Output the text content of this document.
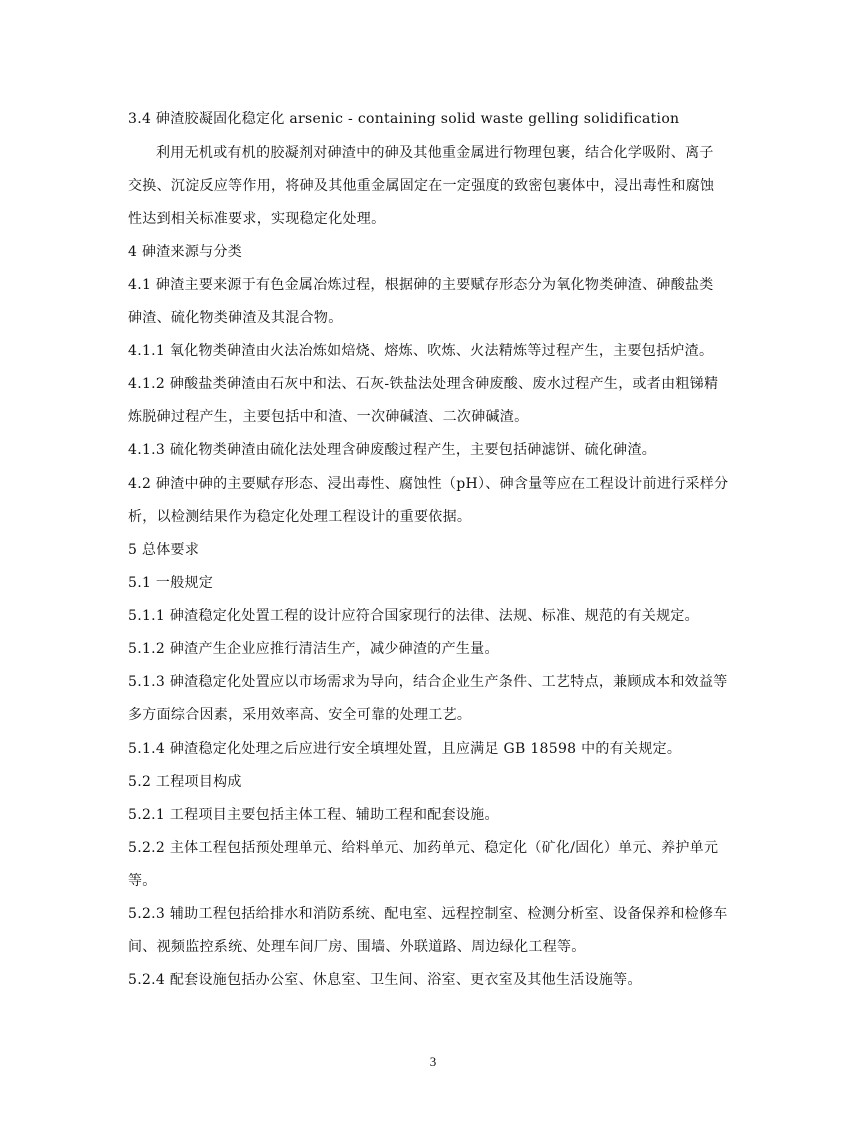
3.4 砷渣胶凝固化稳定化 arsenic - containing solid waste gelling solidification
利用无机或有机的胶凝剂对砷渣中的砷及其他重金属进行物理包裹，结合化学吸附、离子
交换、沉淀反应等作用，将砷及其他重金属固定在一定强度的致密包裹体中，浸出毒性和腐蚀
性达到相关标准要求，实现稳定化处理。
4 砷渣来源与分类
4.1 砷渣主要来源于有色金属冶炼过程，根据砷的主要赋存形态分为氧化物类砷渣、砷酸盐类
砷渣、硫化物类砷渣及其混合物。
4.1.1 氧化物类砷渣由火法冶炼如焙烧、熔炼、吹炼、火法精炼等过程产生，主要包括炉渣。
4.1.2 砷酸盐类砷渣由石灰中和法、石灰-铁盐法处理含砷废酸、废水过程产生，或者由粗锑精
炼脱砷过程产生，主要包括中和渣、一次砷碱渣、二次砷碱渣。
4.1.3 硫化物类砷渣由硫化法处理含砷废酸过程产生，主要包括砷滤饼、硫化砷渣。
4.2 砷渣中砷的主要赋存形态、浸出毒性、腐蚀性（pH）、砷含量等应在工程设计前进行采样分
析，以检测结果作为稳定化处理工程设计的重要依据。
5 总体要求
5.1 一般规定
5.1.1 砷渣稳定化处置工程的设计应符合国家现行的法律、法规、标准、规范的有关规定。
5.1.2 砷渣产生企业应推行清洁生产，减少砷渣的产生量。
5.1.3 砷渣稳定化处置应以市场需求为导向，结合企业生产条件、工艺特点，兼顾成本和效益等
多方面综合因素，采用效率高、安全可靠的处理工艺。
5.1.4 砷渣稳定化处理之后应进行安全填埋处置，且应满足 GB 18598 中的有关规定。
5.2 工程项目构成
5.2.1 工程项目主要包括主体工程、辅助工程和配套设施。
5.2.2 主体工程包括预处理单元、给料单元、加药单元、稳定化（矿化/固化）单元、养护单元
等。
5.2.3 辅助工程包括给排水和消防系统、配电室、远程控制室、检测分析室、设备保养和检修车
间、视频监控系统、处理车间厂房、围墙、外联道路、周边绿化工程等。
5.2.4 配套设施包括办公室、休息室、卫生间、浴室、更衣室及其他生活设施等。
3
